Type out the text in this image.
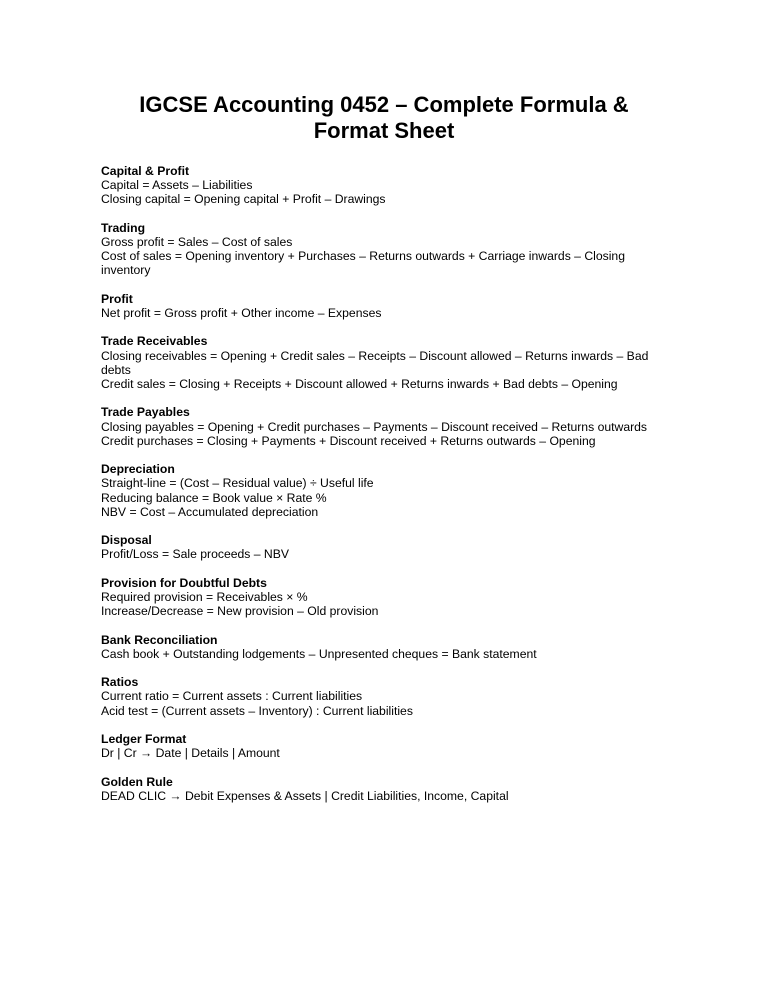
IGCSE Accounting 0452 – Complete Formula & Format Sheet

Capital & Profit

Capital = Assets – Liabilities

Closing capital = Opening capital + Profit – Drawings

Trading

Gross profit = Sales – Cost of sales

Cost of sales = Opening inventory + Purchases – Returns outwards + Carriage inwards – Closing inventory

Profit

Net profit = Gross profit + Other income – Expenses

Trade Receivables

Closing receivables = Opening + Credit sales – Receipts – Discount allowed – Returns inwards – Bad debts

Credit sales = Closing + Receipts + Discount allowed + Returns inwards + Bad debts – Opening

Trade Payables

Closing payables = Opening + Credit purchases – Payments – Discount received – Returns outwards

Credit purchases = Closing + Payments + Discount received + Returns outwards – Opening

Depreciation

Straight-line = (Cost – Residual value) ÷ Useful life

Reducing balance = Book value × Rate %

NBV = Cost – Accumulated depreciation

Disposal

Profit/Loss = Sale proceeds – NBV

Provision for Doubtful Debts

Required provision = Receivables × %

Increase/Decrease = New provision – Old provision

Bank Reconciliation

Cash book + Outstanding lodgements – Unpresented cheques = Bank statement

Ratios

Current ratio = Current assets : Current liabilities

Acid test = (Current assets – Inventory) : Current liabilities

Ledger Format

Dr | Cr → Date | Details | Amount

Golden Rule

DEAD CLIC → Debit Expenses & Assets | Credit Liabilities, Income, Capital
